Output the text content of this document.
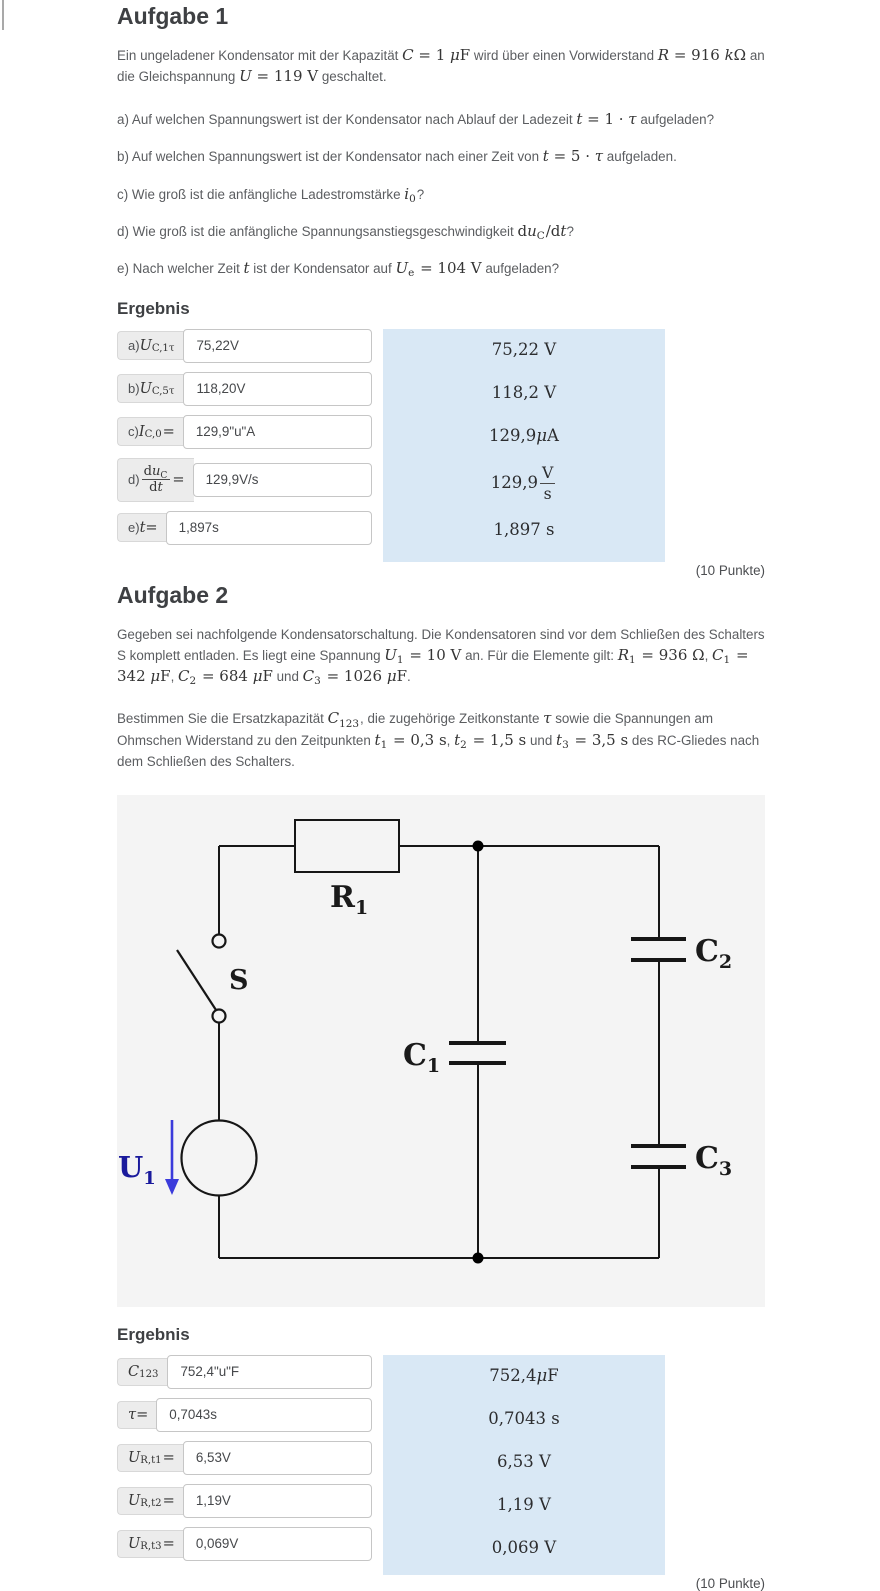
Aufgabe 1

Ein ungeladener Kondensator mit der Kapazität C = 1 μF wird über einen Vorwiderstand R = 916 kΩ an die Gleichspannung U = 119 V geschaltet.

a) Auf welchen Spannungswert ist der Kondensator nach Ablauf der Ladezeit t = 1 · τ aufgeladen?

b) Auf welchen Spannungswert ist der Kondensator nach einer Zeit von t = 5 · τ aufgeladen.

c) Wie groß ist die anfängliche Ladestromstärke $i_0$?

d) Wie groß ist die anfängliche Spannungsanstiegsgeschwindigkeit $du_C/dt$?

e) Nach welcher Zeit t ist der Kondensator auf $U_e = 104$ V aufgeladen?

Ergebnis
a) U C,1τ
75,22V
b) U C,5τ
118,20V
c) I C,0 =
129,9"u"A
$d) \frac{du_C}{dt}$ =
129,9V/s
e) t =
1,897s
75,22 V
118,2 V
129,9 μ A
$129,9 \frac{V}{s}$
1,897 s

(10 Punkte)

Aufgabe 2

Gegeben sei nachfolgende Kondensatorschaltung. Die Kondensatoren sind vor dem Schließen des Schalters S komplett entladen. Es liegt eine Spannung $U_1 = 10$ V an. Für die Elemente gilt: $R_1 = 936$ Ω, $C_1 = 342$ μF, $C_2 = 684$ μF und $C_3 = 1026$ μF.

Bestimmen Sie die Ersatzkapazität $C_{123}$, die zugehörige Zeitkonstante τ sowie die Spannungen am Ohmschen Widerstand zu den Zeitpunkten $t_1 = 0,3$ s, $t_2 = 1,5$ s und $t_3 = 3,5$ s des RC-Gliedes nach dem Schließen des Schalters.

$R_1$
S
$U_1$
$C_1$
$C_2$
$C_3$
Ergebnis
C 123
752,4"u"F
τ =
0,7043s
U R,t1 =
6,53V
U R,t2 =
1,19V
U R,t3 =
0,069V
752,4 μ F
0,7043 s
6,53 V
1,19 V
0,069 V

(10 Punkte)
